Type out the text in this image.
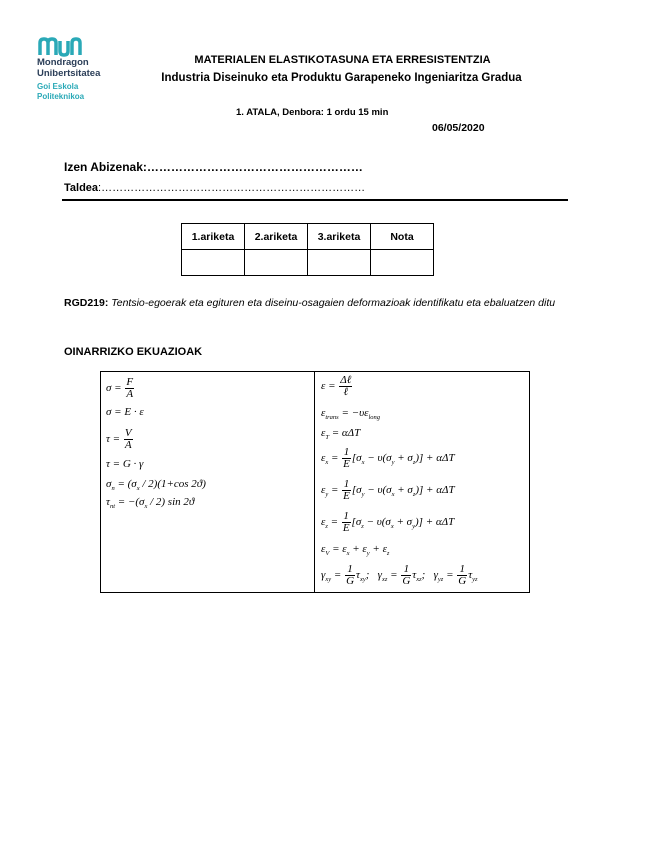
Mondragon
Unibertsitatea
Goi Eskola
Politeknikoa
MATERIALEN ELASTIKOTASUNA ETA ERRESISTENTZIA
Industria Diseinuko eta Produktu Garapeneko Ingeniaritza Gradua
1. ATALA, Denbora: 1 ordu 15 min
06/05/2020
Izen Abizenak:………………………………………………
Taldea:………………………………………………………………
1.ariketa	2.ariketa	3.ariketa	Nota

RGD219: Tentsio-egoerak eta egituren eta diseinu-osagaien deformazioak identifikatu eta ebaluatzen ditu
OINARRIZKO EKUAZIOAK
$\sigma = \frac{F}{A}$
σ = E · ε
$\tau = \frac{V}{A}$
τ = G · γ
$\sigma_n = (\sigma_x / 2)(1+\cos$ 2ϑ)
$\tau_{nt} = -(\sigma_x / 2)$ sin 2ϑ
$\varepsilon = \frac{\text{Δℓ}}{\text{ℓ}}$
$\varepsilon_{trans} = -\upsilon\varepsilon_{long}$
$\varepsilon_T = \alpha\Delta T$
$\varepsilon_x = \frac{1}{E} [\sigma_x - \upsilon(\sigma_y + \sigma_z)] + \alpha\Delta T$
$\varepsilon_y = \frac{1}{E} [\sigma_y - \upsilon(\sigma_x + \sigma_z)] + \alpha\Delta T$
$\varepsilon_z = \frac{1}{E} [\sigma_z - \upsilon(\sigma_x + \sigma_y)] + \alpha\Delta T$
$\varepsilon_V = \varepsilon_x + \varepsilon_y + \varepsilon_z$
$\gamma_{xy} = \frac{1}{G} \tau_{xy}$;   $\gamma_{xz} = \frac{1}{G} \tau_{xz}$;   $\gamma_{yz} = \frac{1}{G} \tau_{yz}$
